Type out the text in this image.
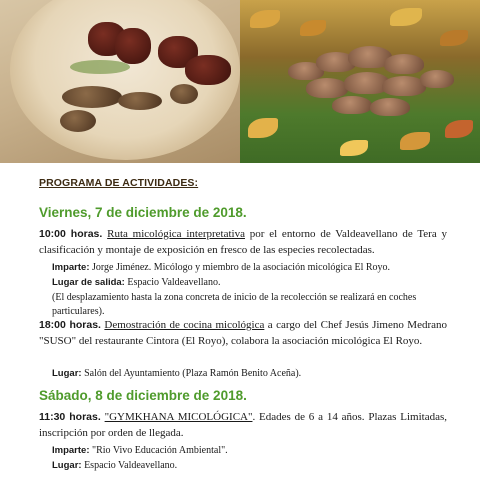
PROGRAMA DE ACTIVIDADES:
Viernes, 7 de diciembre de 2018.
10:00 horas. Ruta micológica interpretativa por el entorno de Valdeavellano de Tera y clasificación y montaje de exposición en fresco de las especies recolectadas.
Imparte: Jorge Jiménez. Micólogo y miembro de la asociación micológica El Royo.
Lugar de salida: Espacio Valdeavellano.
(El desplazamiento hasta la zona concreta de inicio de la recolección se realizará en coches particulares).
18:00 horas. Demostración de cocina micológica a cargo del Chef Jesús Jimeno Medrano "SUSO" del restaurante Cintora (El Royo), colabora la asociación micológica El Royo.
Lugar: Salón del Ayuntamiento (Plaza Ramón Benito Aceña).
Sábado, 8 de diciembre de 2018.
11:30 horas. "GYMKHANA MICOLÓGICA". Edades de 6 a 14 años. Plazas Limitadas, inscripción por orden de llegada.
Imparte: "Rio Vivo Educación Ambiental".
Lugar: Espacio Valdeavellano.
